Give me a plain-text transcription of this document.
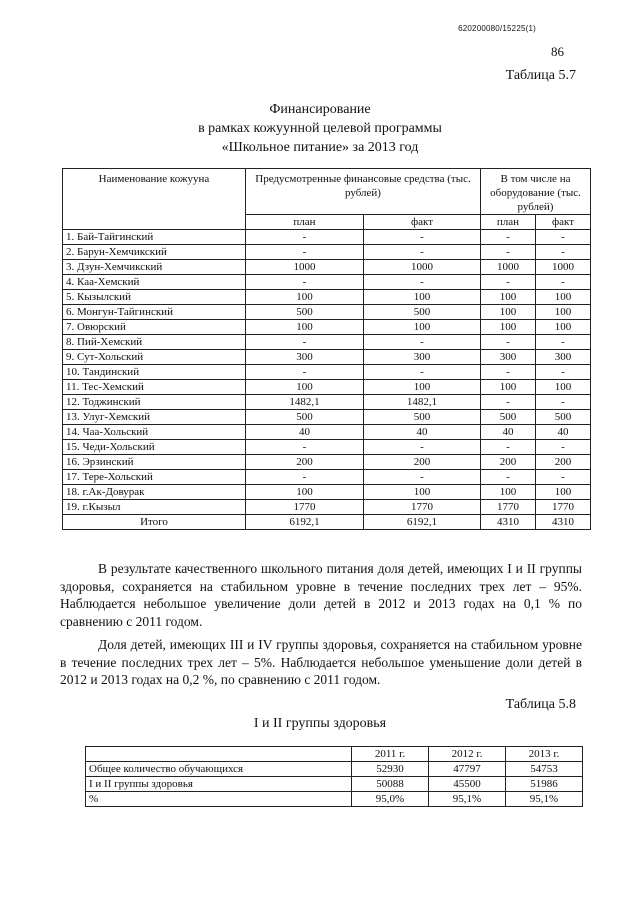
620200080/15225(1)
86
Таблица 5.7
Финансирование
в рамках кожуунной целевой программы
«Школьное питание» за 2013 год
Наименование кожууна	Предусмотренные финансовые средства (тыс. рублей)		В том числе на оборудование (тыс. рублей)	
	план	факт	план	факт
1. Бай-Тайгинский	-	-	-	-
2. Барун-Хемчикский	-	-	-	-
3. Дзун-Хемчикский	1000	1000	1000	1000
4. Каа-Хемский	-	-	-	-
5. Кызылский	100	100	100	100
6. Монгун-Тайгинский	500	500	100	100
7. Овюрский	100	100	100	100
8. Пий-Хемский	-	-	-	-
9. Сут-Хольский	300	300	300	300
10. Тандинский	-	-	-	-
11. Тес-Хемский	100	100	100	100
12. Тоджинский	1482,1	1482,1	-	-
13. Улуг-Хемский	500	500	500	500
14. Чаа-Хольский	40	40	40	40
15. Чеди-Хольский	-	-	-	-
16. Эрзинский	200	200	200	200
17. Тере-Хольский	-	-	-	-
18. г.Ак-Довурак	100	100	100	100
19. г.Кызыл	1770	1770	1770	1770
Итого	6192,1	6192,1	4310	4310

В результате качественного школьного питания доля детей, имеющих I и II группы здоровья, сохраняется на стабильном уровне в течение последних трех лет – 95%. Наблюдается небольшое увеличение доли детей в 2012 и 2013 годах на 0,1 % по сравнению с 2011 годом.

Доля детей, имеющих III и IV группы здоровья, сохраняется на стабильном уровне в течение последних трех лет – 5%. Наблюдается небольшое уменьшение доли детей в 2012 и 2013 годах на 0,2 %, по сравнению с 2011 годом.

Таблица 5.8
I и II группы здоровья
	2011 г.	2012 г.	2013 г.
Общее количество обучающихся	52930	47797	54753
I и II группы здоровья	50088	45500	51986
%	95,0%	95,1%	95,1%
